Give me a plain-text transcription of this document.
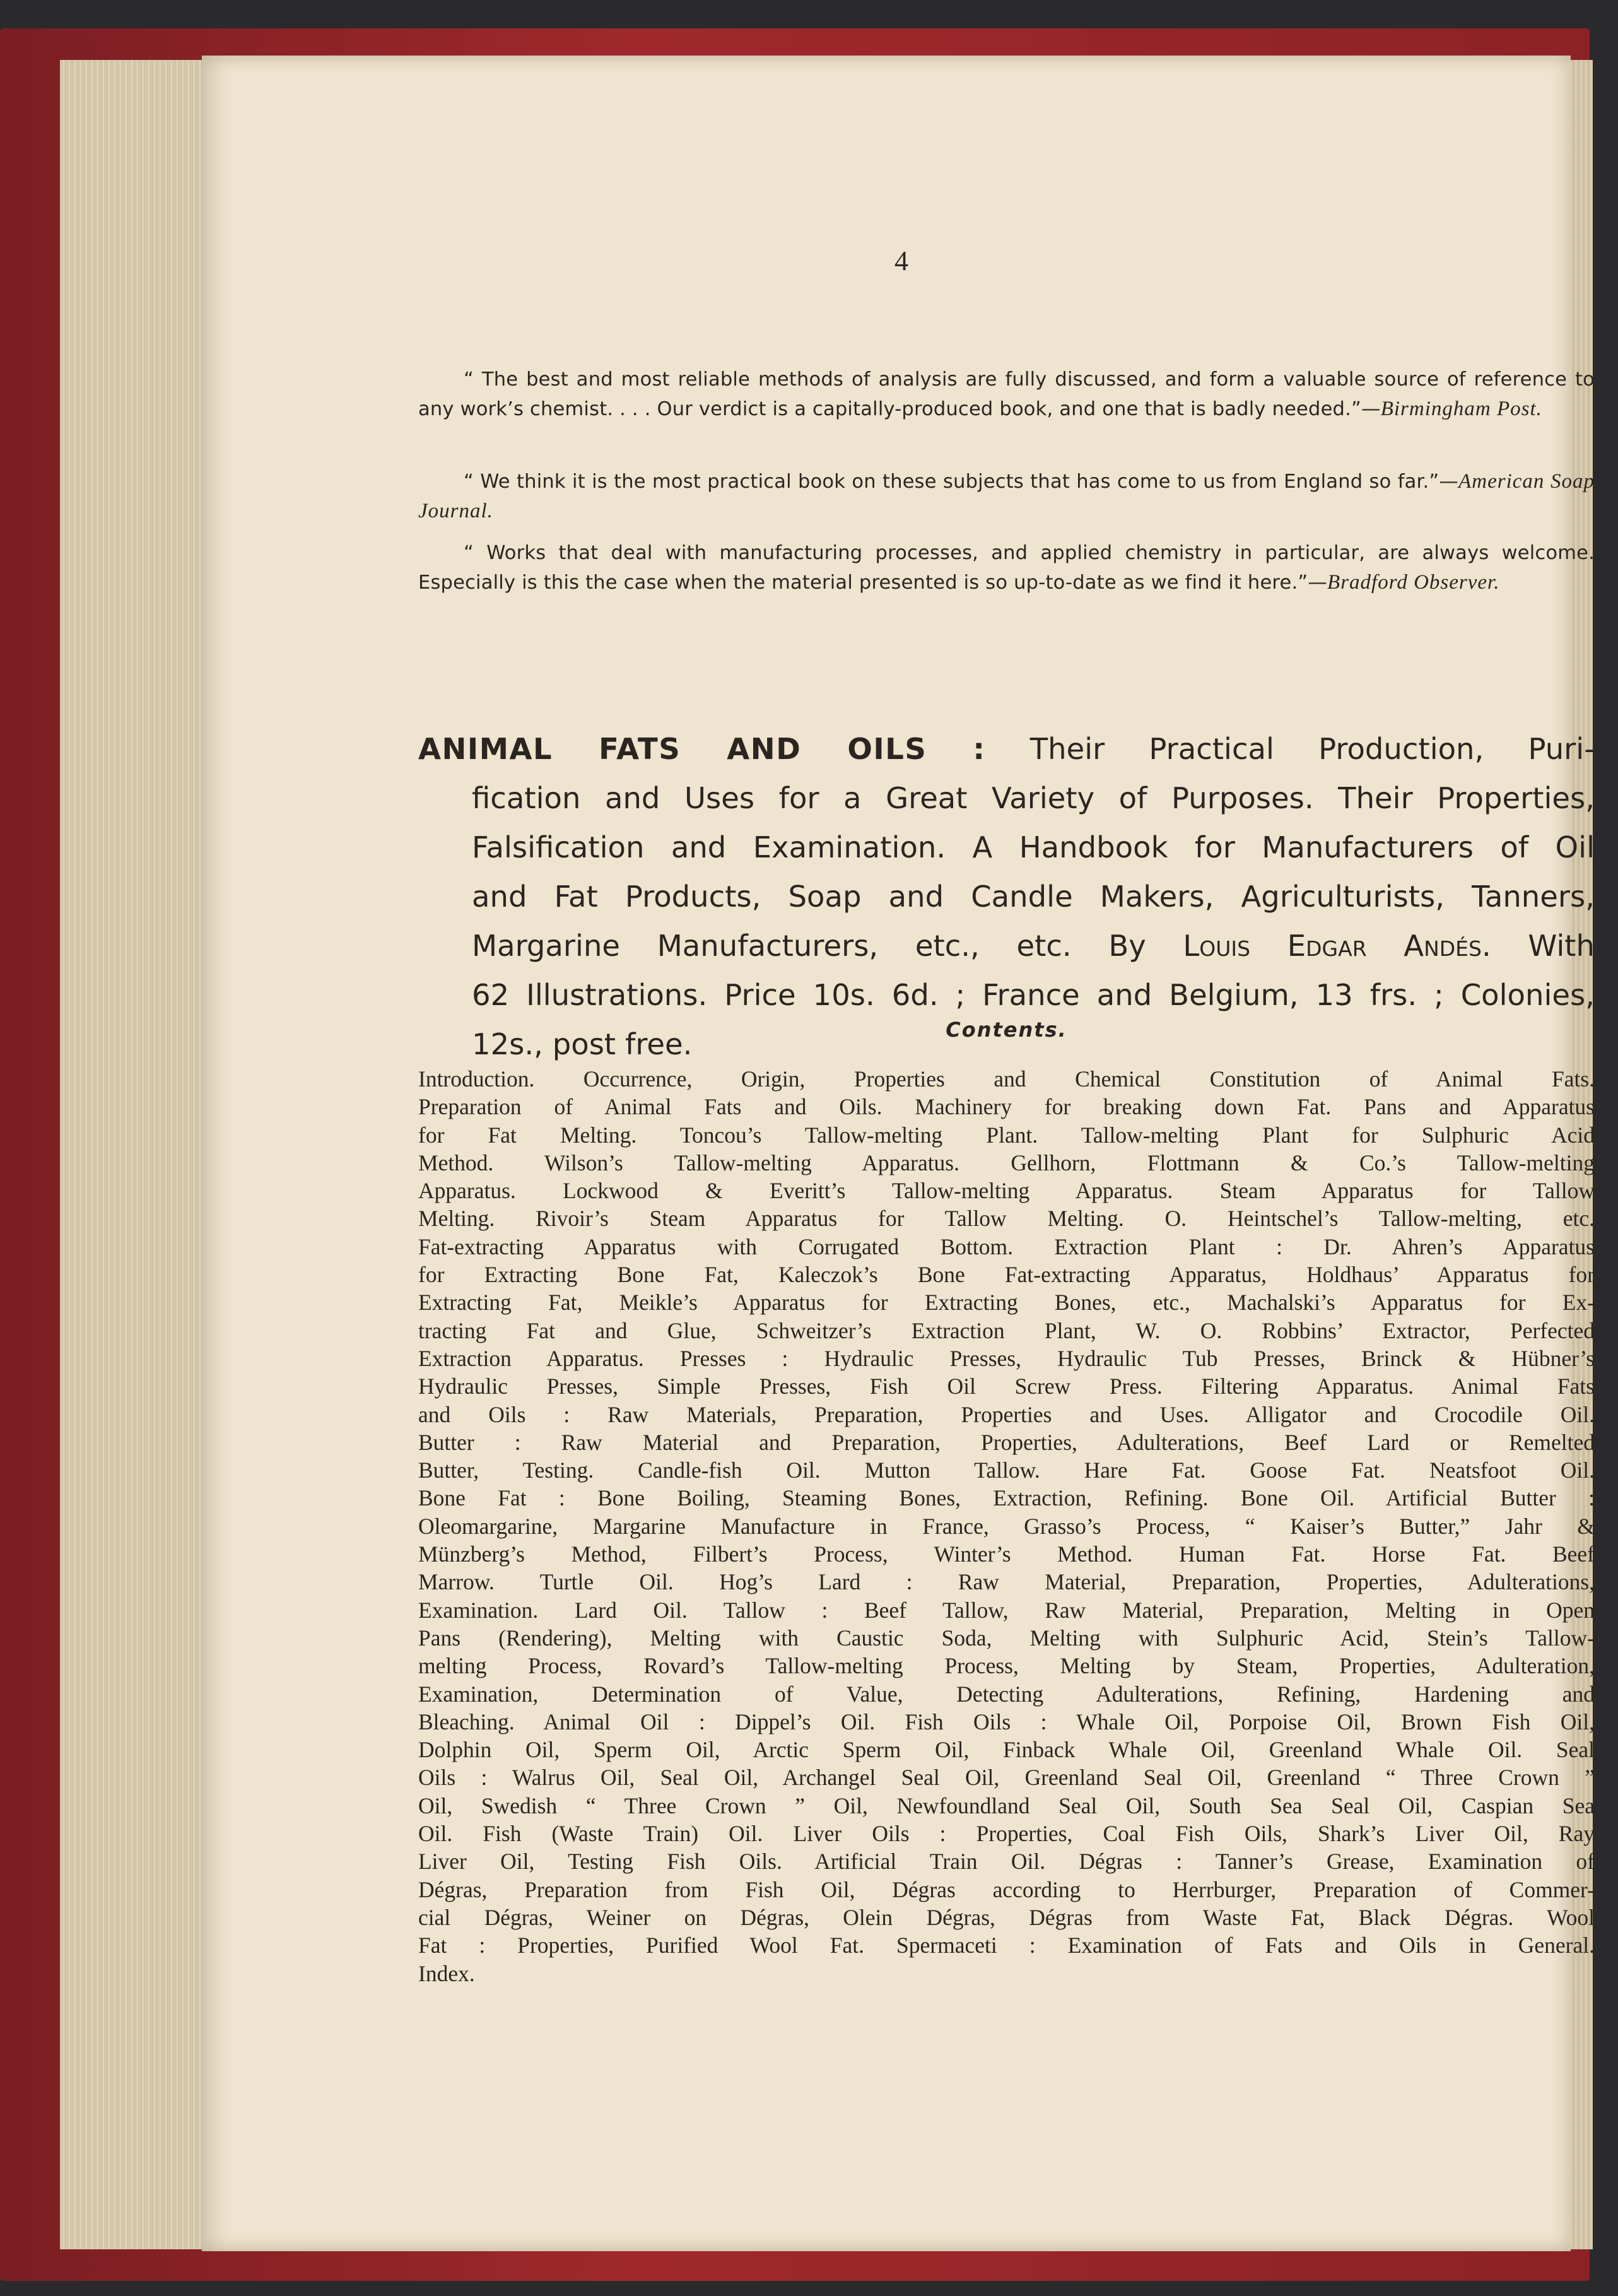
4
“ The best and most reliable methods of analysis are fully discussed, and form a valuable source of reference to any work’s chemist. . . . Our verdict is a capitally-produced book, and one that is badly needed.”—Birmingham Post.
“ We think it is the most practical book on these subjects that has come to us from England so far.”—American Soap Journal.
“ Works that deal with manufacturing processes, and applied chemistry in particular, are always welcome. Especially is this the case when the material presented is so up-to-date as we find it here.”—Bradford Observer.
ANIMAL FATS AND OILS : Their Practical Production, Puri-
fication and Uses for a Great Variety of Purposes. Their Properties,
Falsification and Examination. A Handbook for Manufacturers of Oil
and Fat Products, Soap and Candle Makers, Agriculturists, Tanners,
Margarine Manufacturers, etc., etc. By Louis Edgar Andés. With
62 Illustrations. Price 10s. 6d. ; France and Belgium, 13 frs. ; Colonies,
12s., post free.	Contents.
Introduction. Occurrence, Origin, Properties and Chemical Constitution of Animal Fats.
Preparation of Animal Fats and Oils. Machinery for breaking down Fat. Pans and Apparatus
for Fat Melting. Toncou’s Tallow-melting Plant. Tallow-melting Plant for Sulphuric Acid
Method. Wilson’s Tallow-melting Apparatus. Gellhorn, Flottmann & Co.’s Tallow-melting
Apparatus. Lockwood & Everitt’s Tallow-melting Apparatus. Steam Apparatus for Tallow
Melting. Rivoir’s Steam Apparatus for Tallow Melting. O. Heintschel’s Tallow-melting, etc.
Fat-extracting Apparatus with Corrugated Bottom. Extraction Plant : Dr. Ahren’s Apparatus
for Extracting Bone Fat, Kaleczok’s Bone Fat-extracting Apparatus, Holdhaus’ Apparatus for
Extracting Fat, Meikle’s Apparatus for Extracting Bones, etc., Machalski’s Apparatus for Ex-
tracting Fat and Glue, Schweitzer’s Extraction Plant, W. O. Robbins’ Extractor, Perfected
Extraction Apparatus. Presses : Hydraulic Presses, Hydraulic Tub Presses, Brinck & Hübner’s
Hydraulic Presses, Simple Presses, Fish Oil Screw Press. Filtering Apparatus. Animal Fats
and Oils : Raw Materials, Preparation, Properties and Uses. Alligator and Crocodile Oil.
Butter : Raw Material and Preparation, Properties, Adulterations, Beef Lard or Remelted
Butter, Testing. Candle-fish Oil. Mutton Tallow. Hare Fat. Goose Fat. Neatsfoot Oil.
Bone Fat : Bone Boiling, Steaming Bones, Extraction, Refining. Bone Oil. Artificial Butter :
Oleomargarine, Margarine Manufacture in France, Grasso’s Process, “ Kaiser’s Butter,” Jahr &
Münzberg’s Method, Filbert’s Process, Winter’s Method. Human Fat. Horse Fat. Beef
Marrow. Turtle Oil. Hog’s Lard : Raw Material, Preparation, Properties, Adulterations,
Examination. Lard Oil. Tallow : Beef Tallow, Raw Material, Preparation, Melting in Open
Pans (Rendering), Melting with Caustic Soda, Melting with Sulphuric Acid, Stein’s Tallow-
melting Process, Rovard’s Tallow-melting Process, Melting by Steam, Properties, Adulteration,
Examination, Determination of Value, Detecting Adulterations, Refining, Hardening and
Bleaching. Animal Oil : Dippel’s Oil. Fish Oils : Whale Oil, Porpoise Oil, Brown Fish Oil,
Dolphin Oil, Sperm Oil, Arctic Sperm Oil, Finback Whale Oil, Greenland Whale Oil. Seal
Oils : Walrus Oil, Seal Oil, Archangel Seal Oil, Greenland Seal Oil, Greenland “ Three Crown ”
Oil, Swedish “ Three Crown ” Oil, Newfoundland Seal Oil, South Sea Seal Oil, Caspian Sea
Oil. Fish (Waste Train) Oil. Liver Oils : Properties, Coal Fish Oils, Shark’s Liver Oil, Ray
Liver Oil, Testing Fish Oils. Artificial Train Oil. Dégras : Tanner’s Grease, Examination of
Dégras, Preparation from Fish Oil, Dégras according to Herrburger, Preparation of Commer-
cial Dégras, Weiner on Dégras, Olein Dégras, Dégras from Waste Fat, Black Dégras. Wool
Fat : Properties, Purified Wool Fat. Spermaceti : Examination of Fats and Oils in General.
Index.
